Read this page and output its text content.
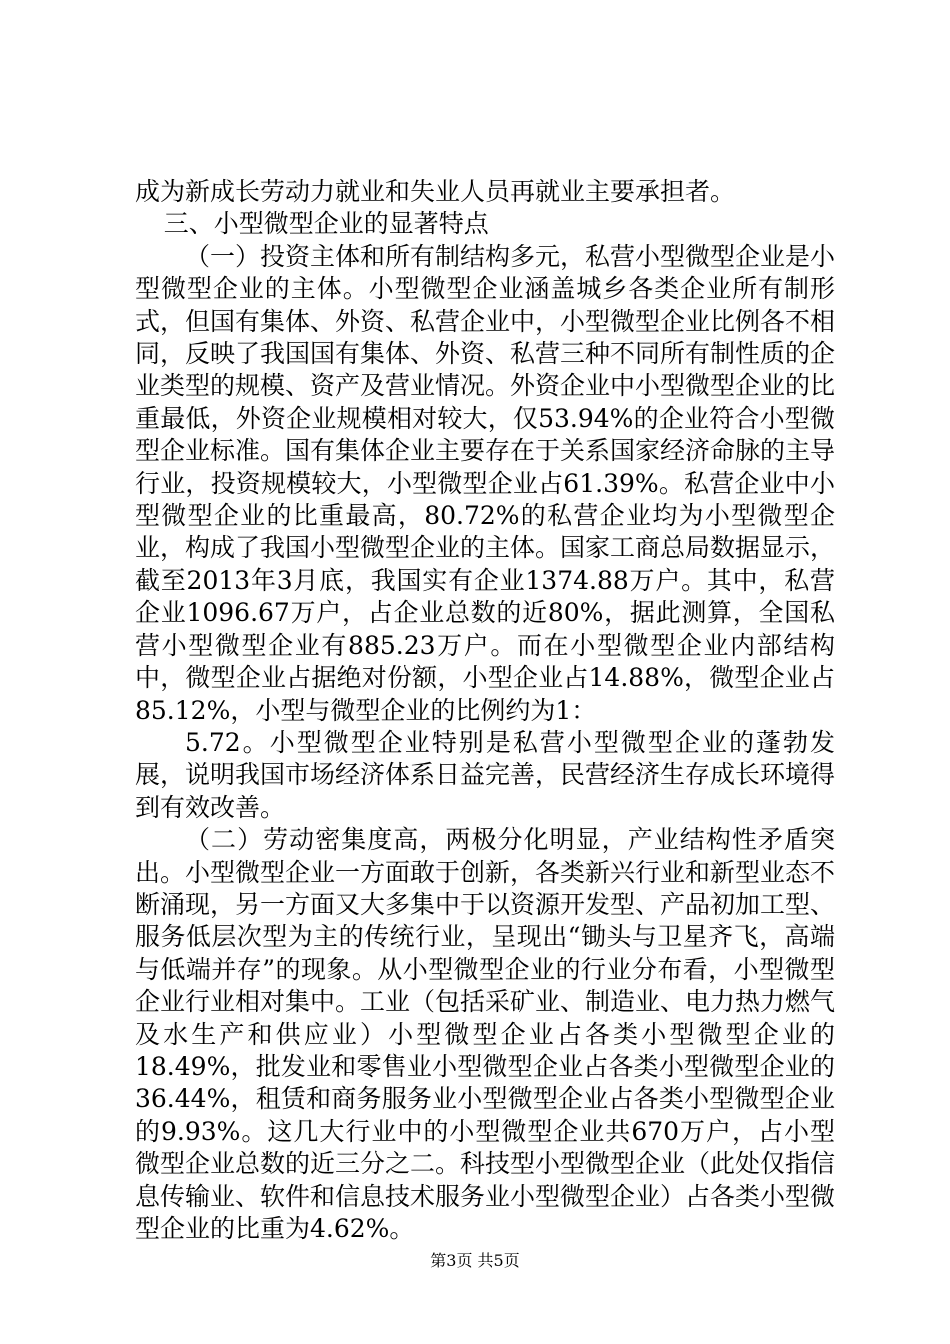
成为新成长劳动力就业和失业人员再就业主要承担者。

三、小型微型企业的显著特点

（一）投资主体和所有制结构多元，私营小型微型企业是小型微型企业的主体。小型微型企业涵盖城乡各类企业所有制形式，但国有集体、外资、私营企业中，小型微型企业比例各不相同，反映了我国国有集体、外资、私营三种不同所有制性质的企业类型的规模、资产及营业情况。外资企业中小型微型企业的比重最低，外资企业规模相对较大，仅53.94%的企业符合小型微型企业标准。国有集体企业主要存在于关系国家经济命脉的主导行业，投资规模较大，小型微型企业占61.39%。私营企业中小型微型企业的比重最高，80.72%的私营企业均为小型微型企业，构成了我国小型微型企业的主体。国家工商总局数据显示，截至2013年3月底，我国实有企业1374.88万户。其中，私营企业1096.67万户，占企业总数的近80%，据此测算，全国私营小型微型企业有885.23万户。而在小型微型企业内部结构中，微型企业占据绝对份额，小型企业占14.88%，微型企业占85.12%，小型与微型企业的比例约为1：

5.72。小型微型企业特别是私营小型微型企业的蓬勃发展，说明我国市场经济体系日益完善，民营经济生存成长环境得到有效改善。

（二）劳动密集度高，两极分化明显，产业结构性矛盾突出。小型微型企业一方面敢于创新，各类新兴行业和新型业态不断涌现，另一方面又大多集中于以资源开发型、产品初加工型、服务低层次型为主的传统行业，呈现出“锄头与卫星齐飞，高端与低端并存”的现象。从小型微型企业的行业分布看，小型微型企业行业相对集中。工业（包括采矿业、制造业、电力热力燃气及水生产和供应业）小型微型企业占各类小型微型企业的18.49%，批发业和零售业小型微型企业占各类小型微型企业的36.44%，租赁和商务服务业小型微型企业占各类小型微型企业的9.93%。这几大行业中的小型微型企业共670万户，占小型微型企业总数的近三分之二。科技型小型微型企业（此处仅指信息传输业、软件和信息技术服务业小型微型企业）占各类小型微型企业的比重为4.62%。

第3页 共5页
